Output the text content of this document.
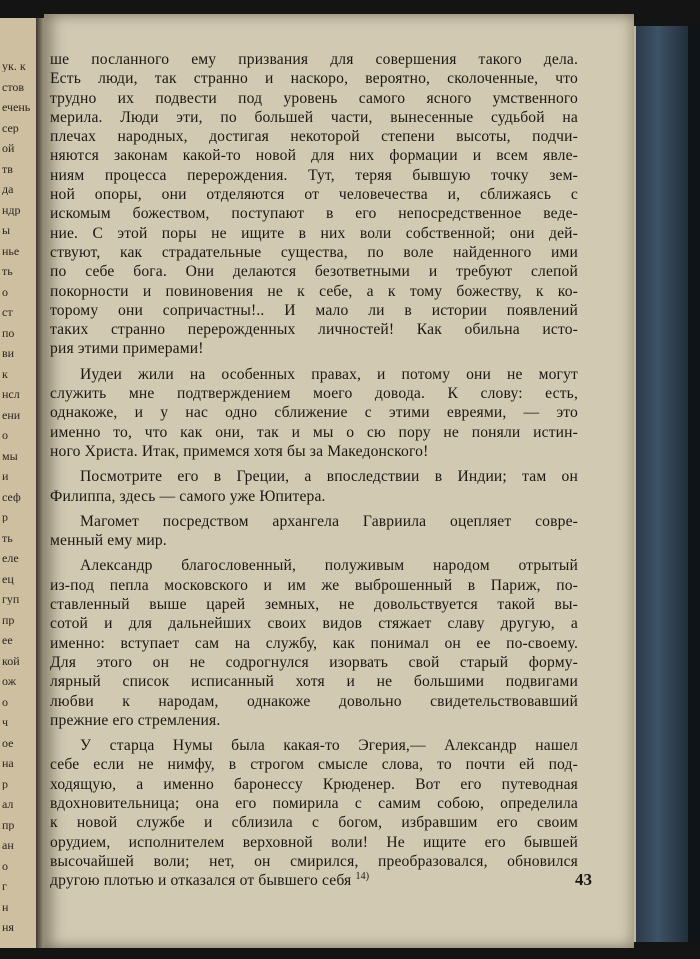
ук. к
стов
ечень
сер
ой
тв
да
ндр
ы
нье
ть
о
ст
по
ви
к
нсл
ени
о
мы
и
сеф
р
ть
еле
ец
гуп
пр
ее
кой
ож
о
ч
ое
на
р
ал
пр
ан
о
г
н
ня
ше посланного ему призвания для совершения такого дела.
Есть люди, так странно и наскоро, вероятно, сколоченные, что
трудно их подвести под уровень самого ясного умственного
мерила. Люди эти, по большей части, вынесенные судьбой на
плечах народных, достигая некоторой степени высоты, подчи-
няются законам какой-то новой для них формации и всем явле-
ниям процесса перерождения. Тут, теряя бывшую точку зем-
ной опоры, они отделяются от человечества и, сближаясь с
искомым божеством, поступают в его непосредственное веде-
ние. С этой поры не ищите в них воли собственной; они дей-
ствуют, как страдательные существа, по воле найденного ими
по себе бога. Они делаются безответными и требуют слепой
покорности и повиновения не к себе, а к тому божеству, к ко-
торому они сопричастны!.. И мало ли в истории появлений
таких странно перерожденных личностей! Как обильна исто-
рия этими примерами!
Иудеи жили на особенных правах, и потому они не могут
служить мне подтверждением моего довода. К слову: есть,
однакоже, и у нас одно сближение с этими евреями, — это
именно то, что как они, так и мы о сю пору не поняли истин-
ного Христа. Итак, примемся хотя бы за Македонского!
Посмотрите его в Греции, а впоследствии в Индии; там он
Филиппа, здесь — самого уже Юпитера.
Магомет посредством архангела Гавриила оцепляет совре-
менный ему мир.
Александр благословенный, полуживым народом отрытый
из-под пепла московского и им же выброшенный в Париж, по-
ставленный выше царей земных, не довольствуется такой вы-
сотой и для дальнейших своих видов стяжает славу другую, а
именно: вступает сам на службу, как понимал он ее по-своему.
Для этого он не содрогнулся изорвать свой старый форму-
лярный список исписанный хотя и не большими подвигами
любви к народам, однакоже довольно свидетельствовавший
прежние его стремления.
У старца Нумы была какая-то Эгерия,— Александр нашел
себе если не нимфу, в строгом смысле слова, то почти ей под-
ходящую, а именно баронессу Крюденер. Вот его путеводная
вдохновительница; она его помирила с самим собою, определила
к новой службе и сблизила с богом, избравшим его своим
орудием, исполнителем верховной воли! Не ищите его бывшей
высочайшей воли; нет, он смирился, преобразовался, обновился
другою плотью и отказался от бывшего себя $^{14)}$	43
